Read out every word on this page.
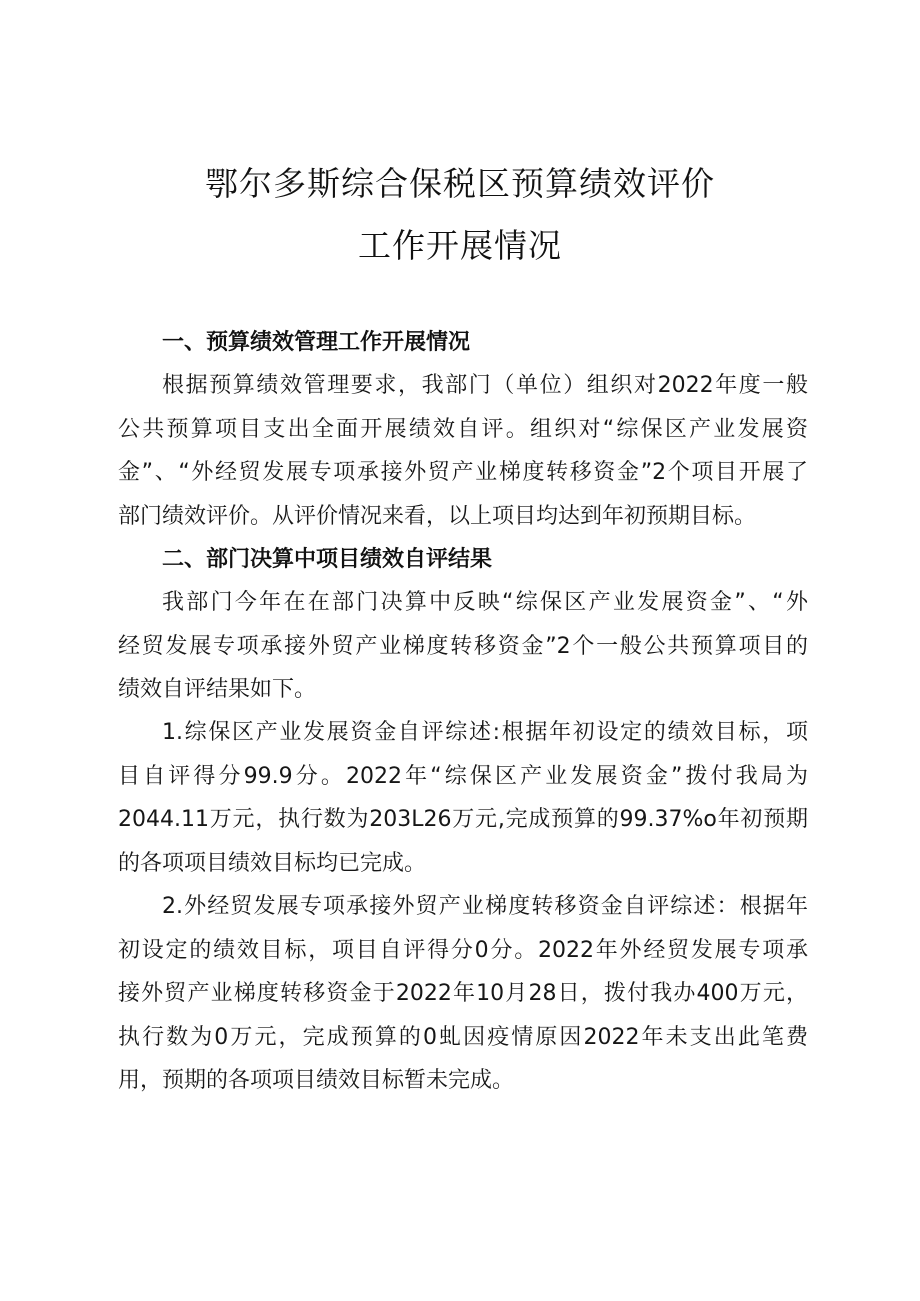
鄂尔多斯综合保税区预算绩效评价
工作开展情况
一、预算绩效管理工作开展情况
根据预算绩效管理要求，我部门（单位）组织对2022年度一般
公共预算项目支出全面开展绩效自评。组织对“综保区产业发展资
金”、“外经贸发展专项承接外贸产业梯度转移资金”2个项目开展了
部门绩效评价。从评价情况来看，以上项目均达到年初预期目标。
二、部门决算中项目绩效自评结果
我部门今年在在部门决算中反映“综保区产业发展资金”、“外
经贸发展专项承接外贸产业梯度转移资金”2个一般公共预算项目的
绩效自评结果如下。
1.综保区产业发展资金自评综述:根据年初设定的绩效目标，项
目自评得分99.9分。2022年“综保区产业发展资金”拨付我局为
2044.11万元，执行数为203L26万元,完成预算的99.37%o年初预期
的各项项目绩效目标均已完成。
2.外经贸发展专项承接外贸产业梯度转移资金自评综述：根据年
初设定的绩效目标，项目自评得分0分。2022年外经贸发展专项承
接外贸产业梯度转移资金于2022年10月28日，拨付我办400万元，
执行数为0万元，完成预算的0虬因疫情原因2022年未支出此笔费
用，预期的各项项目绩效目标暂未完成。
